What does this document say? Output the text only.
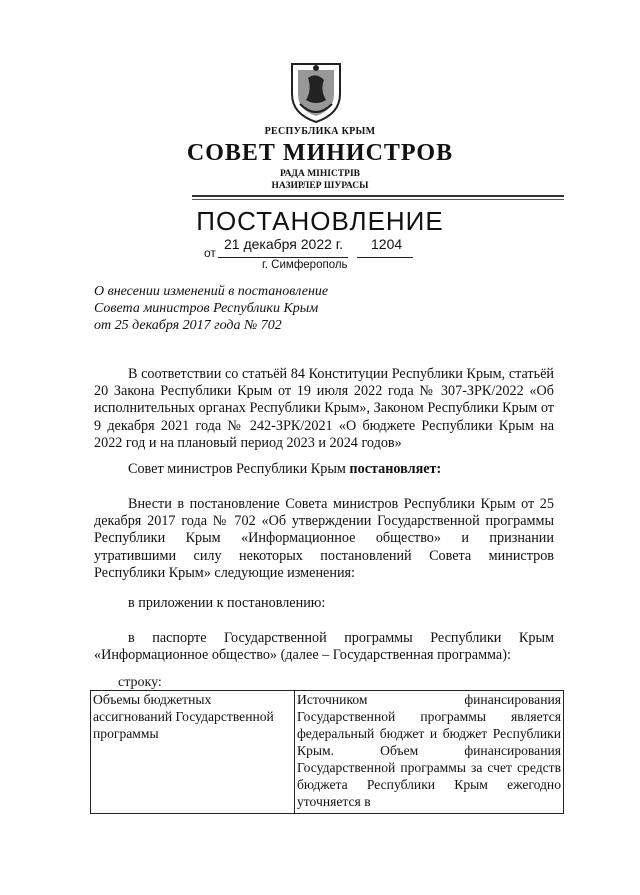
РЕСПУБЛИКА КРЫМ
СОВЕТ МИНИСТРОВ
РАДА МІНІСТРІВ
НАЗИРЛЕР ШУРАСЫ
ПОСТАНОВЛЕНИЕ
от
21 декабря 2022 г. 1204
г. Симферополь
О внесении изменений в постановление
Совета министров Республики Крым
от 25 декабря 2017 года № 702
В соответствии со статьёй 84 Конституции Республики Крым, статьёй 20 Закона Республики Крым от 19 июля 2022 года № 307-ЗРК/2022 «Об исполнительных органах Республики Крым», Законом Республики Крым от 9 декабря 2021 года № 242-ЗРК/2021 «О бюджете Республики Крым на 2022 год и на плановый период 2023 и 2024 годов»
Совет министров Республики Крым постановляет:
Внести в постановление Совета министров Республики Крым от 25 декабря 2017 года № 702 «Об утверждении Государственной программы Республики Крым «Информационное общество» и признании утратившими силу некоторых постановлений Совета министров Республики Крым» следующие изменения:
в приложении к постановлению:
в паспорте Государственной программы Республики Крым «Информационное общество» (далее – Государственная программа):
строку:
Объемы бюджетных ассигнований Государственной программы	Источником финансирования Государственной программы является федеральный бюджет и бюджет Республики Крым. Объем финансирования Государственной программы за счет средств бюджета Республики Крым ежегодно уточняется в
